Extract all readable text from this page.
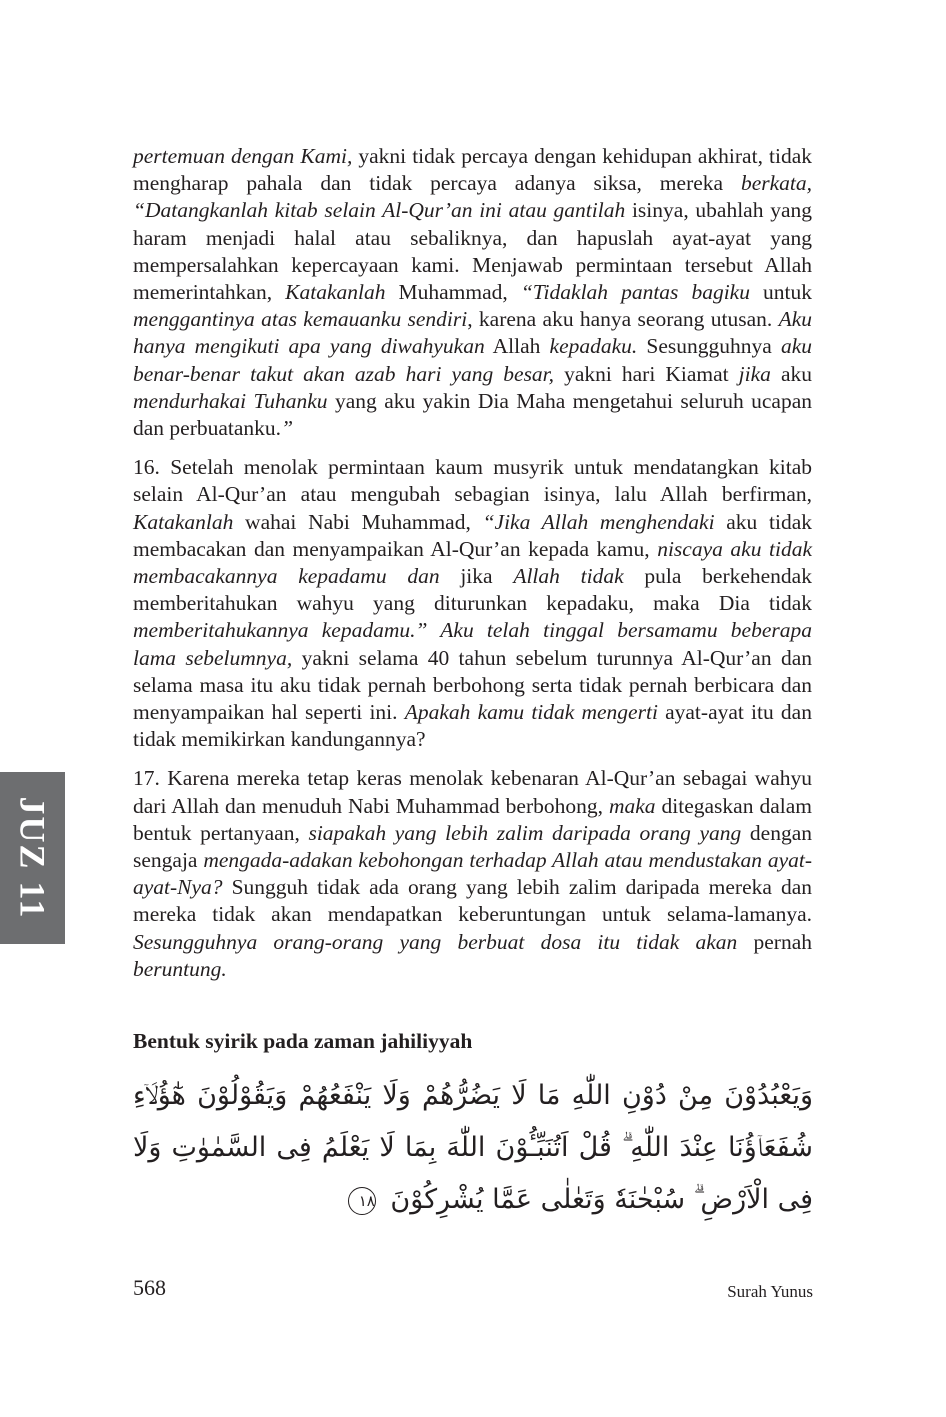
JUZ 11

pertemuan dengan Kami, yakni tidak percaya dengan kehidupan akhirat, tidak mengharap pahala dan tidak percaya adanya siksa, mereka berkata, “Datangkanlah kitab selain Al-Qur’an ini atau gantilah isinya, ubahlah yang haram menjadi halal atau sebaliknya, dan hapuslah ayat-ayat yang mempersalahkan kepercayaan kami. Menjawab permintaan tersebut Allah memerintahkan, Katakanlah Muhammad, “Tidaklah pantas bagiku untuk menggantinya atas kemauanku sendiri, karena aku hanya seorang utusan. Aku hanya mengikuti apa yang diwahyukan Allah kepadaku. Sesungguhnya aku benar-benar takut akan azab hari yang besar, yakni hari Kiamat jika aku mendurhakai Tuhanku yang aku yakin Dia Maha mengetahui seluruh ucapan dan perbuatanku.”

16. Setelah menolak permintaan kaum musyrik untuk mendatangkan kitab selain Al-Qur’an atau mengubah sebagian isinya, lalu Allah berfirman, Katakanlah wahai Nabi Muhammad, “Jika Allah menghendaki aku tidak membacakan dan menyampaikan Al-Qur’an kepada kamu, niscaya aku tidak membacakannya kepadamu dan jika Allah tidak pula berkehendak memberitahukan wahyu yang diturunkan kepadaku, maka Dia tidak memberitahukannya kepadamu.” Aku telah tinggal bersamamu beberapa lama sebelumnya, yakni selama 40 tahun sebelum turunnya Al-Qur’an dan selama masa itu aku tidak pernah berbohong serta tidak pernah berbicara dan menyampaikan hal seperti ini. Apakah kamu tidak mengerti ayat-ayat itu dan tidak memikirkan kandungannya?

17. Karena mereka tetap keras menolak kebenaran Al-Qur’an sebagai wahyu dari Allah dan menuduh Nabi Muhammad berbohong, maka ditegaskan dalam bentuk pertanyaan, siapakah yang lebih zalim daripada orang yang dengan sengaja mengada-adakan kebohongan terhadap Allah atau mendustakan ayat-ayat-Nya? Sungguh tidak ada orang yang lebih zalim daripada mereka dan mereka tidak akan mendapatkan keberuntungan untuk selama-lamanya. Sesungguhnya orang-orang yang berbuat dosa itu tidak akan pernah beruntung.

Bentuk syirik pada zaman jahiliyyah
وَيَعْبُدُوْنَ مِنْ دُوْنِ اللّٰهِ مَا لَا يَضُرُّهُمْ وَلَا يَنْفَعُهُمْ وَيَقُوْلُوْنَ هٰٓؤُلَاۤءِ شُفَعَاۤؤُنَا عِنْدَ اللّٰهِ ۗ قُلْ اَتُنَبِّـُٔوْنَ اللّٰهَ بِمَا لَا يَعْلَمُ فِى السَّمٰوٰتِ وَلَا فِى الْاَرْضِ ۗ سُبْحٰنَهٗ وَتَعٰلٰى عَمَّا يُشْرِكُوْنَ ١٨
568	Surah Yunus
